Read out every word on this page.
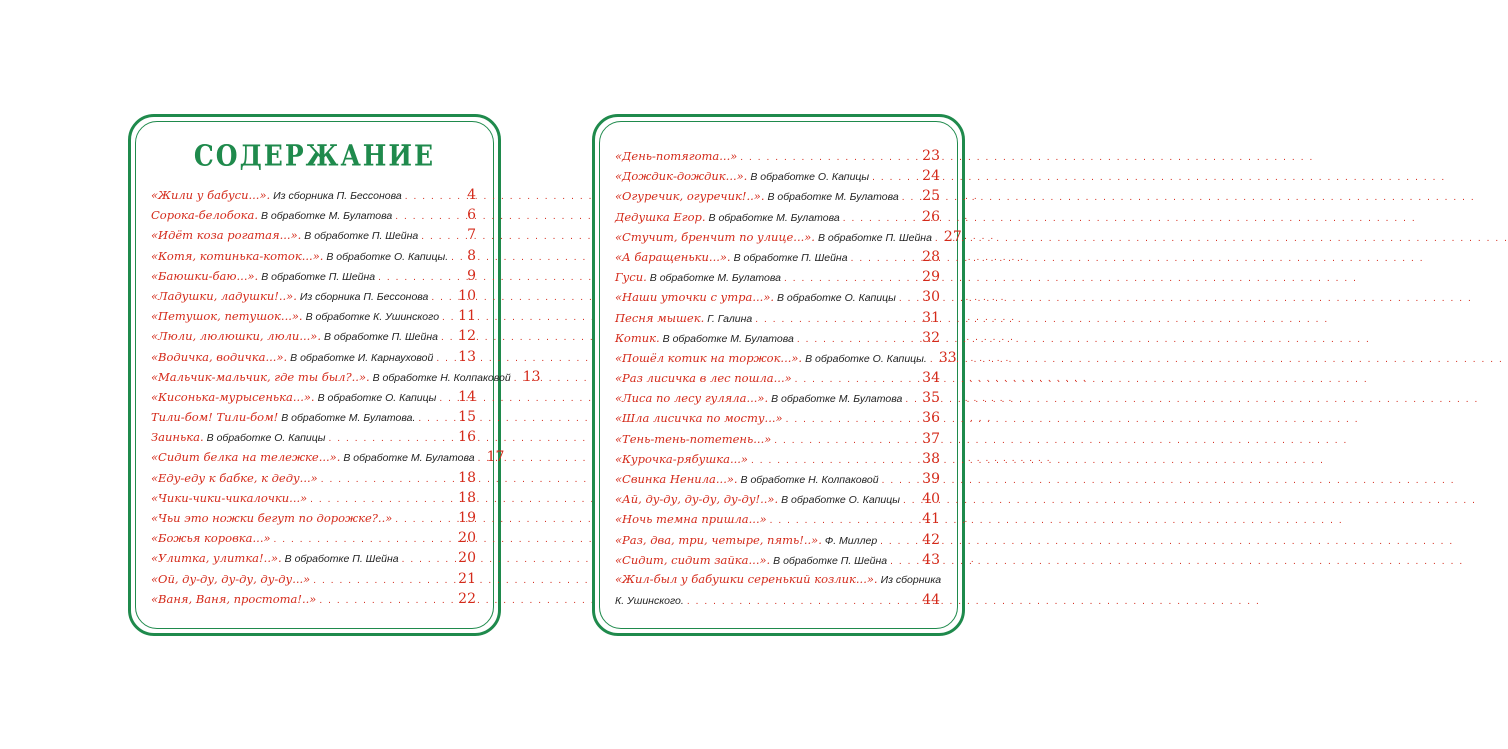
СОДЕРЖАНИЕ
«Жили у бабуси...». Из сборника П. Бессонова . . .	4
Сорока-белобока. В обработке М. Булатова . . .	6
«Идёт коза рогатая...». В обработке П. Шейна . . .	7
«Котя, котинька-коток...». В обработке О. Капицы. . . . 8
«Баюшки-баю...». В обработке П. Шейна . . .	9
«Ладушки, ладушки!..». Из сборника П. Бессонова . . . 10
«Петушок, петушок...». В обработке К. Ушинского . . . 11
«Люли, люлюшки, люли...». В обработке П. Шейна . . . 12
«Водичка, водичка...». В обработке И. Карнауховой . . . 13
«Мальчик-мальчик, где ты был?..». В обработке Н. Колпаковой . . . 13
«Кисонька-мурысенька...». В обработке О. Капицы . . . 14
Тили-бом! Тили-бом! В обработке М. Булатова. . . .	15
Заинька. В обработке О. Капицы . . .	16
«Сидит белка на тележке...». В обработке М. Булатова . . . 17
«Еду-еду к бабке, к деду...» . . .	18
«Чики-чики-чикалочки...» . . .	18
«Чьи это ножки бегут по дорожке?..» . . .	19
«Божья коровка...» . . .	20
«Улитка, улитка!..». В обработке П. Шейна . . .	20
«Ой, ду-ду, ду-ду, ду-ду...» . . .	21
«Ваня, Ваня, простота!..» . . .	22
«День-потягота...» . . .	23
«Дождик-дождик...». В обработке О. Капицы . . .	24
«Огуречик, огуречик!..». В обработке М. Булатова . . . 25
Дедушка Егор. В обработке М. Булатова . . .	26
«Стучит, бренчит по улице...». В обработке П. Шейна . . . 27
«А баращеньки...». В обработке П. Шейна . . .	28
Гуси. В обработке М. Булатова . . .	29
«Наши уточки с утра...». В обработке О. Капицы . . . 30
Песня мышек. Г. Галина . . .	31
Котик. В обработке М. Булатова . . .	32
«Пошёл котик на торжок...». В обработке О. Капицы. . . . 33
«Раз лисичка в лес пошла...» . . .	34
«Лиса по лесу гуляла...». В обработке М. Булатова . . . 35
«Шла лисичка по мосту...» . . .	36
«Тень-тень-потетень...» . . .	37
«Курочка-рябушка...» . . .	38
«Свинка Ненила...». В обработке Н. Колпаковой . . .	39
«Ай, ду-ду, ду-ду, ду-ду!..». В обработке О. Капицы . . . 40
«Ночь темна пришла...» . . .	41
«Раз, два, три, четыре, пять!..». Ф. Миллер . . .	42
«Сидит, сидит зайка...». В обработке П. Шейна . . .	43
«Жил-был у бабушки серенький козлик...». Из сборника
К. Ушинского. . . .	44
